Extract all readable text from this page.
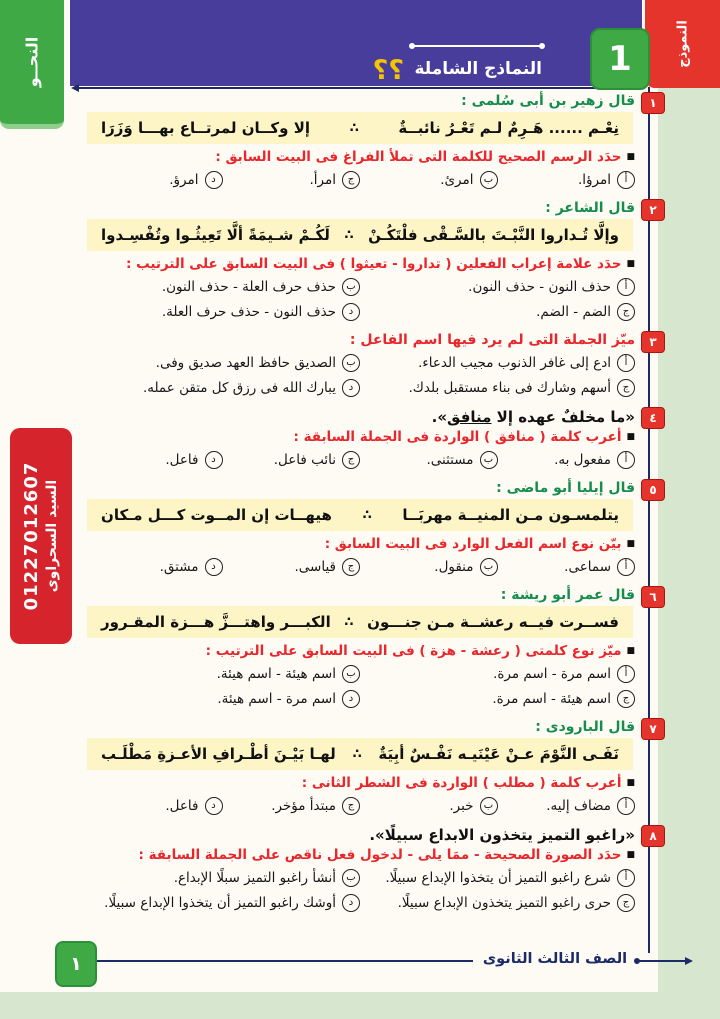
النماذج الشاملة
؟؟
النموذج
1
النحــو
01227012607 السيد السحراوى
١
قال زهير بن أبى سُلمى :
نِعْـم ...... هَـرِمٌ لـم تَعْـرُ نائبــةٌ
∴
إلا وكــان لمرتــاع بهـــا وَزَرَا
■حدَد الرسم الصحيح للكلمة التى تملأ الفراغ فى البيت السابق :
أ
امرؤا.
ب
امرئ.
ج
امرأ.
د
امرؤ.
٢
قال الشاعر :
وإلَّا تُـداروا النَّبْـتَ بالسَّـقْى فلْتَكُـنْ
∴
لَكُـمْ شـيمَةً ألَّا تَعِيثُـوا وتُفْسِـدوا
■حدَد علامة إعراب الفعلين ( تداروا - تعيثوا ) فى البيت السابق على الترتيب :
أ
حذف النون - حذف النون.
ب
حذف حرف العلة - حذف النون.
ج
الضم - الضم.
د
حذف النون - حذف حرف العلة.
٣
ميّز الجملة التى لم يرد فيها اسم الفاعل :
أ
ادع إلى غافر الذنوب مجيب الدعاء.
ب
الصديق حافظ العهد صديق وفى.
ج
أسهم وشارك فى بناء مستقبل بلدك.
د
يبارك الله فى رزق كل متقن عمله.
٤
«ما مخلفٌ عهده إلا منافق».
■أعرب كلمة ( منافق ) الواردة فى الجملة السابقة :
أ
مفعول به.
ب
مستثنى.
ج
نائب فاعل.
د
فاعل.
٥
قال إيليا أبو ماضى :
يتلمسـون مـن المنيــة مهربَــا
∴
هيهــات إن المــوت كـــل مـكان
■بيّن نوع اسم الفعل الوارد فى البيت السابق :
أ
سماعى.
ب
منقول.
ج
قياسى.
د
مشتق.
٦
قال عمر أبو ريشة :
فســرت فيــه رعشــة مـن جنـــون
∴
الكبـــر واهتـــزَّ هـــزة المقـرور
■ميّز نوع كلمتى ( رعشة - هزة ) فى البيت السابق على الترتيب :
أ
اسم مرة - اسم مرة.
ب
اسم هيئة - اسم هيئة.
ج
اسم هيئة - اسم مرة.
د
اسم مرة - اسم هيئة.
٧
قال البارودى :
نَفَـى النَّوْمَ عـنْ عَيْنَيـه نَفْـسٌ أبِيَةٌ
∴
لهـا بَيْـنَ أطْـرافِ الأعـزةِ مَطْلَـب
■أعرب كلمة ( مطلب ) الواردة فى الشطر الثانى :
أ
مضاف إليه.
ب
خبر.
ج
مبتدأ مؤخر.
د
فاعل.
٨
«راغبو التميز يتخذون الابداع سبيلًا».
■حدَد الصورة الصحيحة - ممَا يلى - لدخول فعل ناقص على الجملة السابقة :
أ
شرع راغبو التميز أن يتخذوا الإبداع سبيلًا.
ب
أنشأ راغبو التميز سبلًا الإبداع.
ج
حرى راغبو التميز يتخذون الإبداع سبيلًا.
د
أوشك راغبو التميز أن يتخذوا الإبداع سبيلًا.
١	الصف الثالث الثانوى
